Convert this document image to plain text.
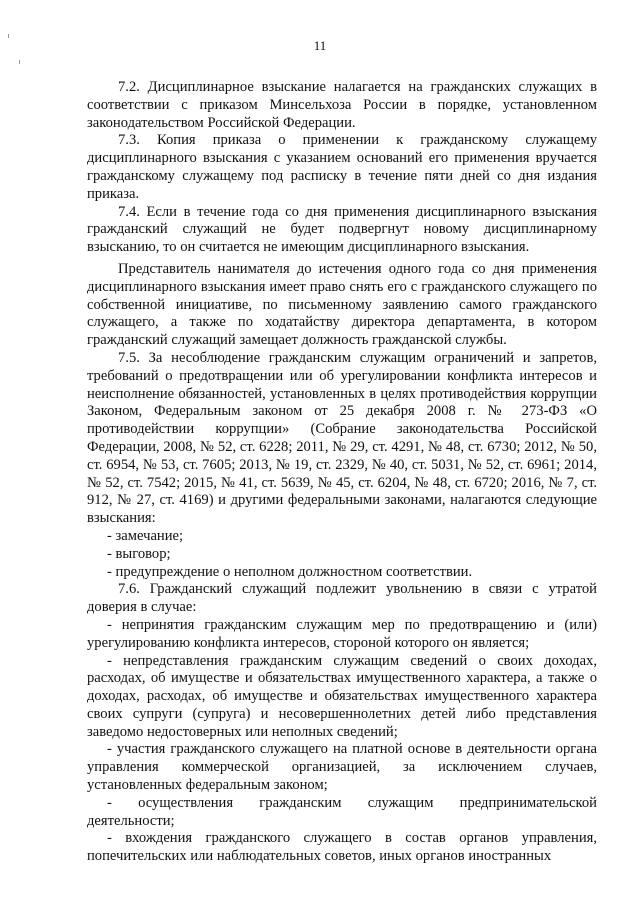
11

7.2. Дисциплинарное взыскание налагается на гражданских служащих в соответствии с приказом Минсельхоза России в порядке, установленном законодательством Российской Федерации.

7.3. Копия приказа о применении к гражданскому служащему дисциплинарного взыскания с указанием оснований его применения вручается гражданскому служащему под расписку в течение пяти дней со дня издания приказа.

7.4. Если в течение года со дня применения дисциплинарного взыскания гражданский служащий не будет подвергнут новому дисциплинарному взысканию, то он считается не имеющим дисциплинарного взыскания.

Представитель нанимателя до истечения одного года со дня применения дисциплинарного взыскания имеет право снять его с гражданского служащего по собственной инициативе, по письменному заявлению самого гражданского служащего, а также по ходатайству директора департамента, в котором гражданский служащий замещает должность гражданской службы.

7.5. За несоблюдение гражданским служащим ограничений и запретов, требований о предотвращении или об урегулировании конфликта интересов и неисполнение обязанностей, установленных в целях противодействия коррупции Законом, Федеральным законом от 25 декабря 2008 г. № 273-ФЗ «О противодействии коррупции» (Собрание законодательства Российской Федерации, 2008, № 52, ст. 6228; 2011, № 29, ст. 4291, № 48, ст. 6730; 2012, № 50, ст. 6954, № 53, ст. 7605; 2013, № 19, ст. 2329, № 40, ст. 5031, № 52, ст. 6961; 2014, № 52, ст. 7542; 2015, № 41, ст. 5639, № 45, ст. 6204, № 48, ст. 6720; 2016, № 7, ст. 912, № 27, ст. 4169) и другими федеральными законами, налагаются следующие взыскания:

- замечание;

- выговор;

- предупреждение о неполном должностном соответствии.

7.6. Гражданский служащий подлежит увольнению в связи с утратой доверия в случае:

- непринятия гражданским служащим мер по предотвращению и (или) урегулированию конфликта интересов, стороной которого он является;

- непредставления гражданским служащим сведений о своих доходах, расходах, об имуществе и обязательствах имущественного характера, а также о доходах, расходах, об имуществе и обязательствах имущественного характера своих супруги (супруга) и несовершеннолетних детей либо представления заведомо недостоверных или неполных сведений;

- участия гражданского служащего на платной основе в деятельности органа управления коммерческой организацией, за исключением случаев, установленных федеральным законом;

- осуществления гражданским служащим предпринимательской деятельности;

- вхождения гражданского служащего в состав органов управления, попечительских или наблюдательных советов, иных органов иностранных
